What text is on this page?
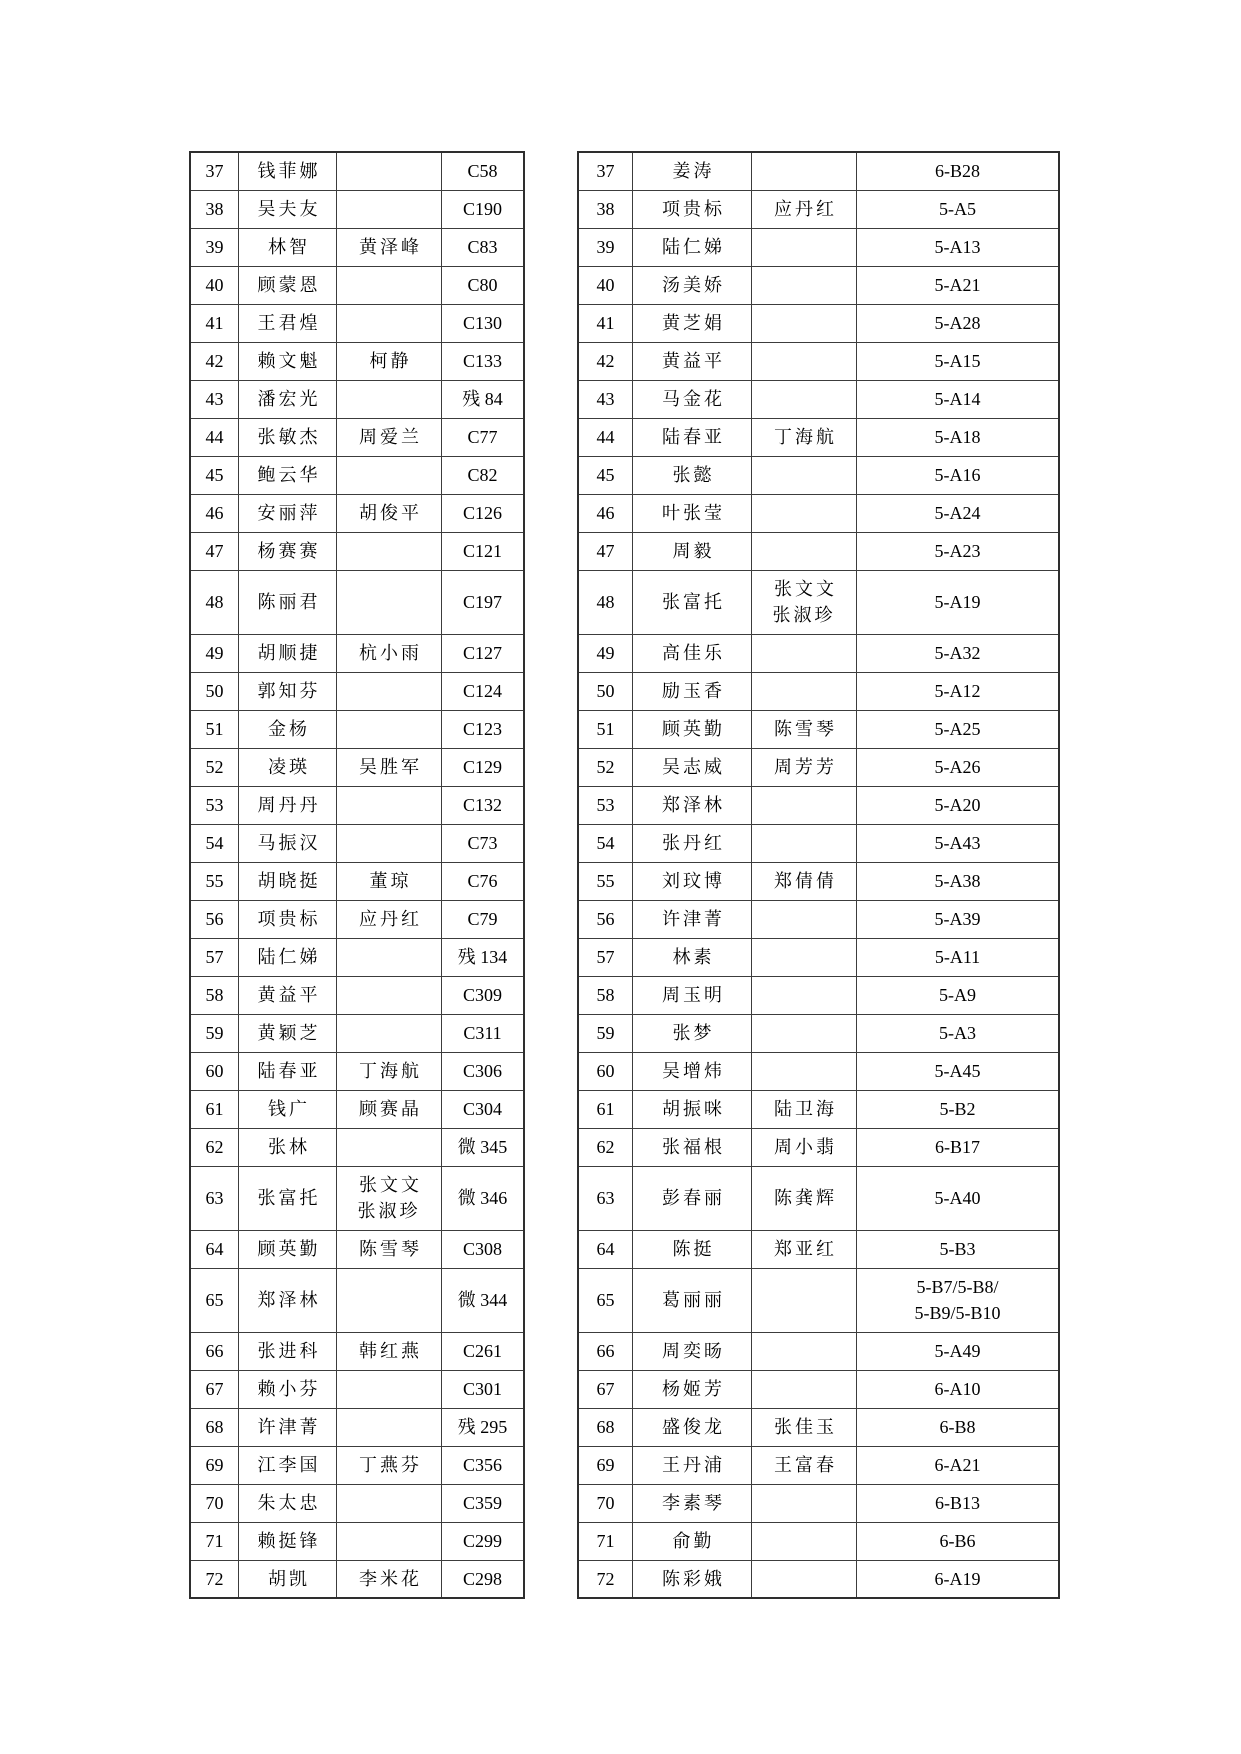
37	钱菲娜		C58
38	吴夫友		C190
39	林智	黄泽峰	C83
40	顾蒙恩		C80
41	王君煌		C130
42	赖文魁	柯静	C133
43	潘宏光		残 84
44	张敏杰	周爱兰	C77
45	鲍云华		C82
46	安丽萍	胡俊平	C126
47	杨赛赛		C121
48	陈丽君		C197
49	胡顺捷	杭小雨	C127
50	郭知芬		C124
51	金杨		C123
52	凌瑛	吴胜军	C129
53	周丹丹		C132
54	马振汉		C73
55	胡晓挺	董琼	C76
56	项贵标	应丹红	C79
57	陆仁娣		残 134
58	黄益平		C309
59	黄颖芝		C311
60	陆春亚	丁海航	C306
61	钱广	顾赛晶	C304
62	张林		微 345
63	张富托	张文文
张淑珍	微 346
64	顾英勤	陈雪琴	C308
65	郑泽林		微 344
66	张进科	韩红燕	C261
67	赖小芬		C301
68	许津菁		残 295
69	江李国	丁燕芬	C356
70	朱太忠		C359
71	赖挺锋		C299
72	胡凯	李米花	C298
37	姜涛		6-B28
38	项贵标	应丹红	5-A5
39	陆仁娣		5-A13
40	汤美娇		5-A21
41	黄芝娟		5-A28
42	黄益平		5-A15
43	马金花		5-A14
44	陆春亚	丁海航	5-A18
45	张懿		5-A16
46	叶张莹		5-A24
47	周毅		5-A23
48	张富托	张文文
张淑珍	5-A19
49	高佳乐		5-A32
50	励玉香		5-A12
51	顾英勤	陈雪琴	5-A25
52	吴志威	周芳芳	5-A26
53	郑泽林		5-A20
54	张丹红		5-A43
55	刘玟博	郑倩倩	5-A38
56	许津菁		5-A39
57	林素		5-A11
58	周玉明		5-A9
59	张梦		5-A3
60	吴增炜		5-A45
61	胡振咪	陆卫海	5-B2
62	张福根	周小翡	6-B17
63	彭春丽	陈龚辉	5-A40
64	陈挺	郑亚红	5-B3
65	葛丽丽		5-B7/5-B8/
5-B9/5-B10
66	周奕旸		5-A49
67	杨姬芳		6-A10
68	盛俊龙	张佳玉	6-B8
69	王丹浦	王富春	6-A21
70	李素琴		6-B13
71	俞勤		6-B6
72	陈彩娥		6-A19
